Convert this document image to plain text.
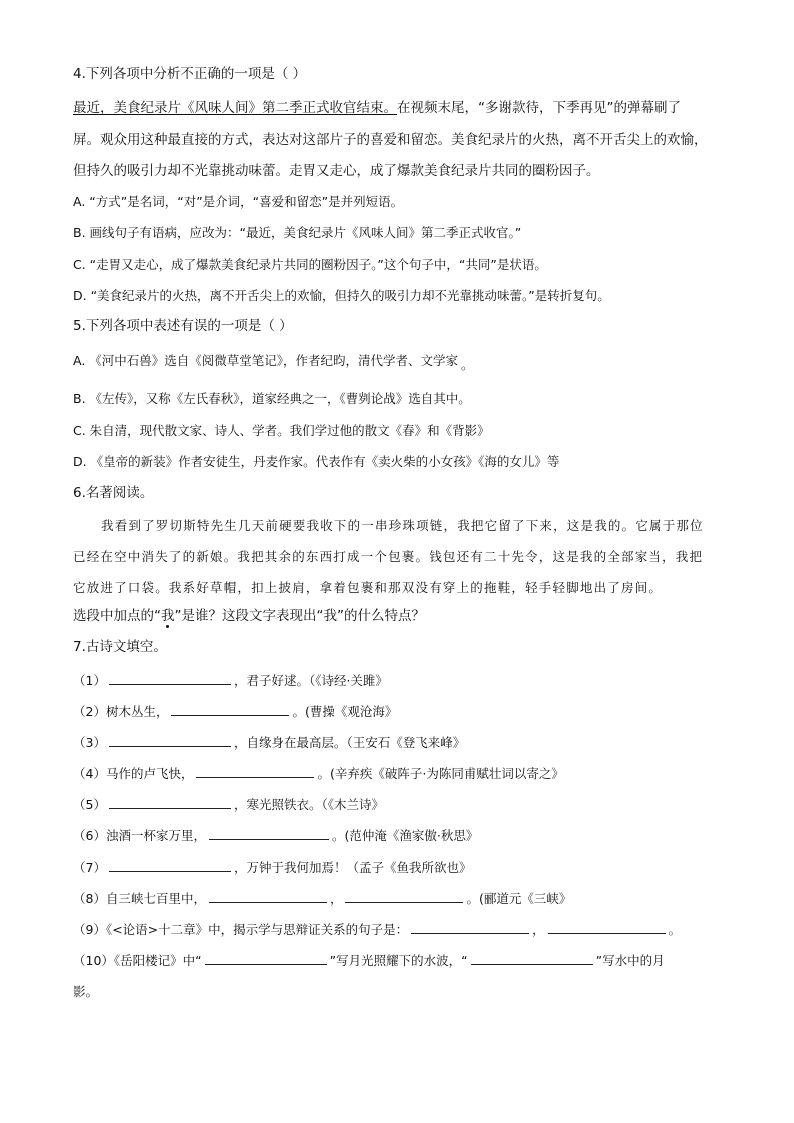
4.下列各项中分析不正确的一项是（ ）
最近，美食纪录片《风味人间》第二季正式收官结束。在视频末尾，“多谢款待，下季再见”的弹幕刷了
屏。观众用这种最直接的方式，表达对这部片子的喜爱和留恋。美食纪录片的火热，离不开舌尖上的欢愉，
但持久的吸引力却不光靠挑动味蕾。走胃又走心，成了爆款美食纪录片共同的圈粉因子。
A. “方式”是名词，“对”是介词，“喜爱和留恋”是并列短语。
B. 画线句子有语病，应改为：“最近，美食纪录片《风味人间》第二季正式收官。”
C. “走胃又走心，成了爆款美食纪录片共同的圈粉因子。”这个句子中，“共同”是状语。
D. “美食纪录片的火热，离不开舌尖上的欢愉，但持久的吸引力却不光靠挑动味蕾。”是转折复句。
5.下列各项中表述有误的一项是（ ）
A. 《河中石兽》选自《阅微草堂笔记》，作者纪昀，清代学者、文学家 。
B. 《左传》，又称《左氏春秋》，道家经典之一，《曹刿论战》选自其中。
C. 朱自清，现代散文家、诗人、学者。我们学过他的散文《春》和《背影》
D. 《皇帝的新装》作者安徒生，丹麦作家。代表作有《卖火柴的小女孩》《海的女儿》等
6.名著阅读。
我看到了罗切斯特先生几天前硬要我收下的一串珍珠项链，我把它留了下来，这是我的。它属于那位
已经在空中消失了的新娘。我把其余的东西打成一个包裹。钱包还有二十先令，这是我的全部家当，我把
它放进了口袋。我系好草帽，扣上披肩，拿着包裹和那双没有穿上的拖鞋，轻手轻脚地出了房间。
选段中加点的“我”是谁？这段文字表现出“我”的什么特点？
7.古诗文填空。
（1）	，君子好逑。（《诗经·关雎》
（2）树木丛生，	。(曹操《观沧海》
（3）	，自缘身在最高层。（王安石《登飞来峰》
（4）马作的卢飞快，	。(辛弃疾《破阵子·为陈同甫赋壮词以寄之》
（5）	，寒光照铁衣。（《木兰诗》
（6）浊酒一杯家万里，	。(范仲淹《渔家傲·秋思》
（7）	，万钟于我何加焉！（孟子《鱼我所欲也》
（8）自三峡七百里中，	，	。(郦道元《三峡》
（9）《<论语>十二章》中，揭示学与思辩证关系的句子是：	，	。
（10）《岳阳楼记》中“	”写月光照耀下的水波，“	”写水中的月
影。
